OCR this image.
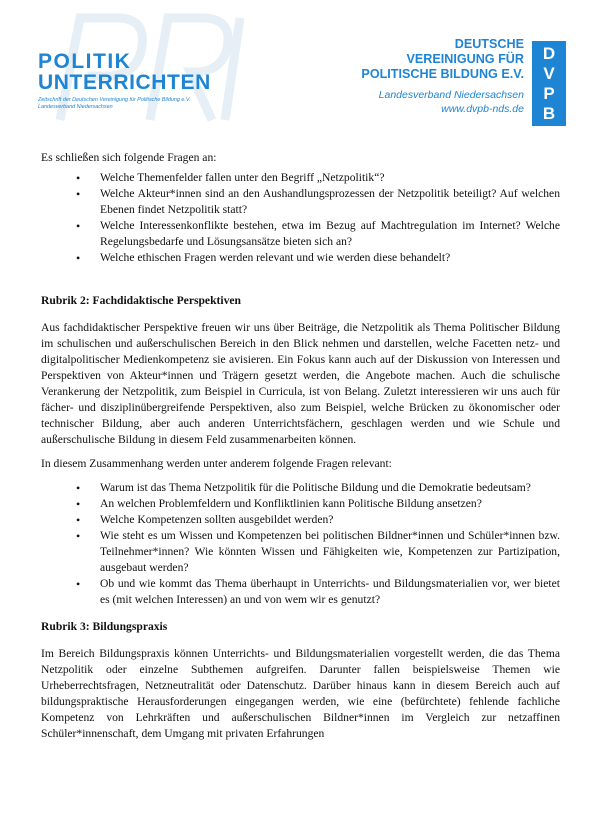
POLITIK
UNTERRICHTEN
Zeitschrift der Deutschen Vereinigung für Politische Bildung e.V.
Landesverband Niedersachsen
DEUTSCHE
VEREINIGUNG FÜR
POLITISCHE BILDUNG E.V.
Landesverband Niedersachsen
www.dvpb-nds.de
D
V
P
B

Es schließen sich folgende Fragen an:

• Welche Themenfelder fallen unter den Begriff „Netzpolitik“?
• Welche Akteur*innen sind an den Aushandlungsprozessen der Netzpolitik beteiligt? Auf welchen Ebenen findet Netzpolitik statt?
• Welche Interessenkonflikte bestehen, etwa im Bezug auf Machtregulation im Internet? Welche Regelungsbedarfe und Lösungsansätze bieten sich an?
• Welche ethischen Fragen werden relevant und wie werden diese behandelt?
Rubrik 2: Fachdidaktische Perspektiven

Aus fachdidaktischer Perspektive freuen wir uns über Beiträge, die Netzpolitik als Thema Politischer Bildung im schulischen und außerschulischen Bereich in den Blick nehmen und darstellen, welche Facetten netz- und digitalpolitischer Medienkompetenz sie avisieren. Ein Fokus kann auch auf der Diskussion von Interessen und Perspektiven von Akteur*innen und Trägern gesetzt werden, die Angebote machen. Auch die schulische Verankerung der Netzpolitik, zum Beispiel in Curricula, ist von Belang. Zuletzt interessieren wir uns auch für fächer- und disziplinübergreifende Perspektiven, also zum Beispiel, welche Brücken zu ökonomischer oder technischer Bildung, aber auch anderen Unterrichtsfächern, geschlagen werden und wie Schule und außerschulische Bildung in diesem Feld zusammenarbeiten können.

In diesem Zusammenhang werden unter anderem folgende Fragen relevant:

• Warum ist das Thema Netzpolitik für die Politische Bildung und die Demokratie bedeutsam?
• An welchen Problemfeldern und Konfliktlinien kann Politische Bildung ansetzen?
• Welche Kompetenzen sollten ausgebildet werden?
• Wie steht es um Wissen und Kompetenzen bei politischen Bildner*innen und Schüler*innen bzw. Teilnehmer*innen? Wie könnten Wissen und Fähigkeiten wie, Kompetenzen zur Partizipation, ausgebaut werden?
• Ob und wie kommt das Thema überhaupt in Unterrichts- und Bildungsmaterialien vor, wer bietet es (mit welchen Interessen) an und von wem wir es genutzt?
Rubrik 3: Bildungspraxis

Im Bereich Bildungspraxis können Unterrichts- und Bildungsmaterialien vorgestellt werden, die das Thema Netzpolitik oder einzelne Subthemen aufgreifen. Darunter fallen beispielsweise Themen wie Urheberrechtsfragen, Netzneutralität oder Datenschutz. Darüber hinaus kann in diesem Bereich auch auf bildungspraktische Herausforderungen eingegangen werden, wie eine (befürchtete) fehlende fachliche Kompetenz von Lehrkräften und außerschulischen Bildner*innen im Vergleich zur netzaffinen Schüler*innenschaft, dem Umgang mit privaten Erfahrungen
